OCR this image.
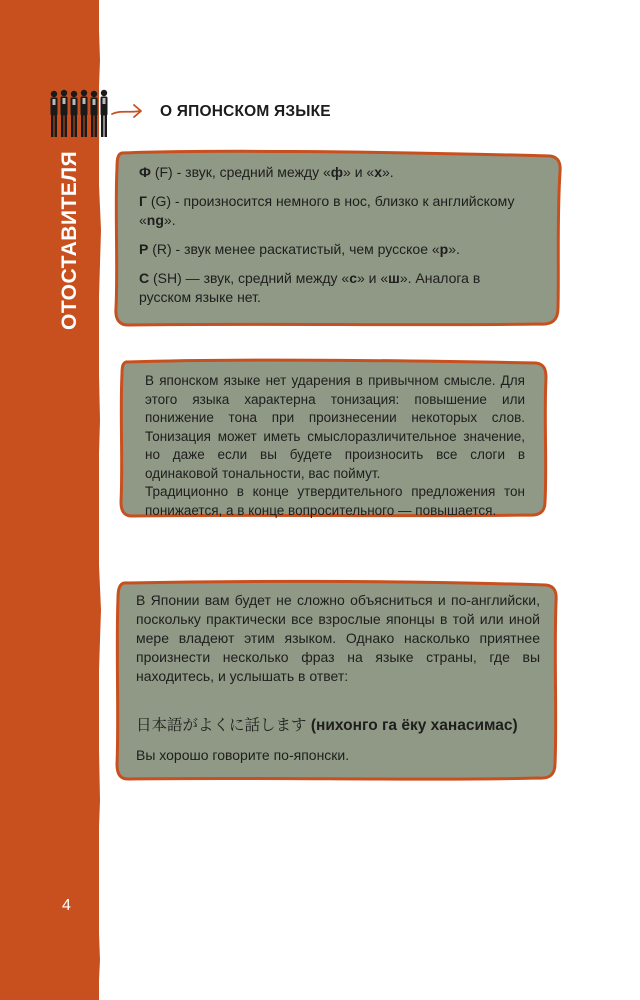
ОТОСТАВИТЕЛЯ
О ЯПОНСКОМ ЯЗЫКЕ

Ф (F) - звук, средний между «ф» и «х».

Г (G) - произносится немного в нос, близко к английскому «ng».

Р (R) - звук менее раскатистый, чем русское «р».

С (SH) — звук, средний между «с» и «ш». Аналога в русском языке нет.

В японском языке нет ударения в привычном смысле. Для этого языка характерна тонизация: повышение или понижение тона при произнесении некоторых слов. Тонизация может иметь смыслоразличительное значение, но даже если вы будете произносить все слоги в одинаковой тональности, вас поймут.
Традиционно в конце утвердительного предложения тон понижается, а в конце вопросительного — повышается.
В Японии вам будет не сложно объясниться и по-английски, поскольку практически все взрослые японцы в той или иной мере владеют этим языком. Однако насколько приятнее произнести несколько фраз на языке страны, где вы находитесь, и услышать в ответ:
日本語がよくに話します (нихонго га ёку ханасимас)
Вы хорошо говорите по-японски.
4
